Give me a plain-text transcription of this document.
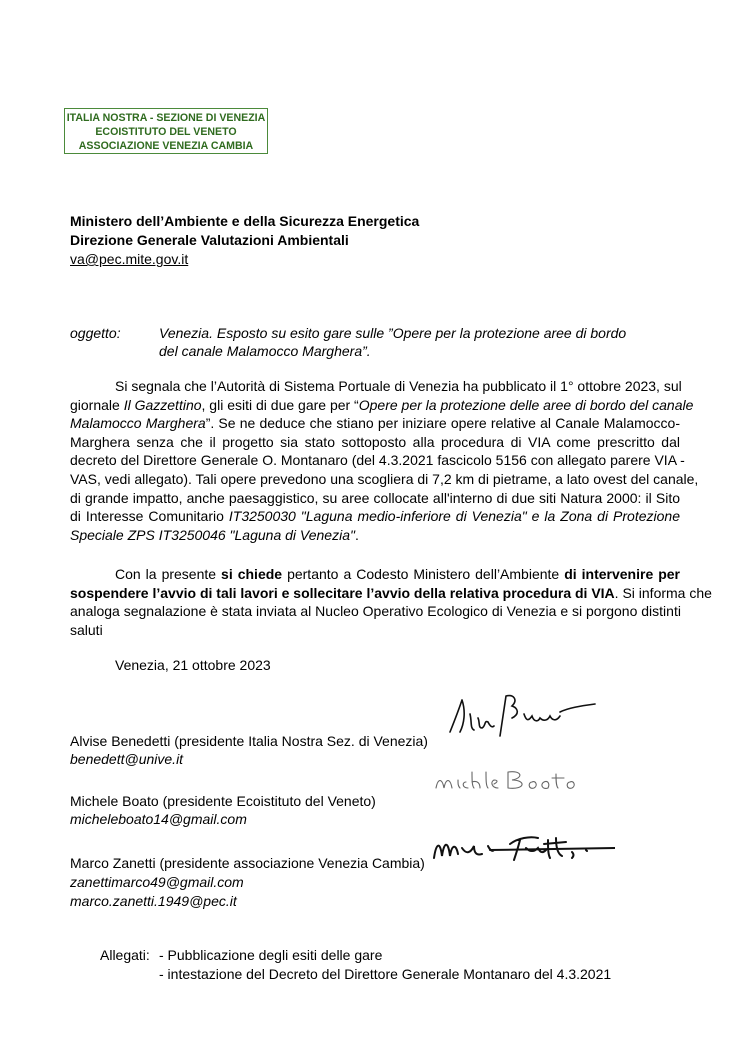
ITALIA NOSTRA - SEZIONE DI VENEZIA
ECOISTITUTO DEL VENETO
ASSOCIAZIONE VENEZIA CAMBIA
Ministero dell’Ambiente e della Sicurezza Energetica
Direzione Generale Valutazioni Ambientali
va@pec.mite.gov.it
oggetto:	Venezia. Esposto su esito gare sulle ”Opere per la protezione aree di bordo
del canale Malamocco Marghera”.
Si segnala che l’Autorità di Sistema Portuale di Venezia ha pubblicato il 1° ottobre 2023, sul
giornale Il Gazzettino, gli esiti di due gare per “Opere per la protezione delle aree di bordo del canale
Malamocco Marghera”. Se ne deduce che stiano per iniziare opere relative al Canale Malamocco-
Marghera senza che il progetto sia stato sottoposto alla procedura di VIA come prescritto dal
decreto del Direttore Generale O. Montanaro (del 4.3.2021 fascicolo 5156 con allegato parere VIA -
VAS, vedi allegato). Tali opere prevedono una scogliera di 7,2 km di pietrame, a lato ovest del canale,
di grande impatto, anche paesaggistico, su aree collocate all'interno di due siti Natura 2000: il Sito
di Interesse Comunitario IT3250030 "Laguna medio-inferiore di Venezia" e la Zona di Protezione
Speciale ZPS IT3250046 "Laguna di Venezia".
Con la presente si chiede pertanto a Codesto Ministero dell’Ambiente di intervenire per
sospendere l’avvio di tali lavori e sollecitare l’avvio della relativa procedura di VIA. Si informa che
analoga segnalazione è stata inviata al Nucleo Operativo Ecologico di Venezia e si porgono distinti
saluti
Venezia, 21 ottobre 2023
Alvise Benedetti (presidente Italia Nostra Sez. di Venezia)
benedett@unive.it
Michele Boato (presidente Ecoistituto del Veneto)
micheleboato14@gmail.com
Marco Zanetti (presidente associazione Venezia Cambia)
zanettimarco49@gmail.com
marco.zanetti.1949@pec.it
Allegati: - Pubblicazione degli esiti delle gare
- intestazione del Decreto del Direttore Generale Montanaro del 4.3.2021
